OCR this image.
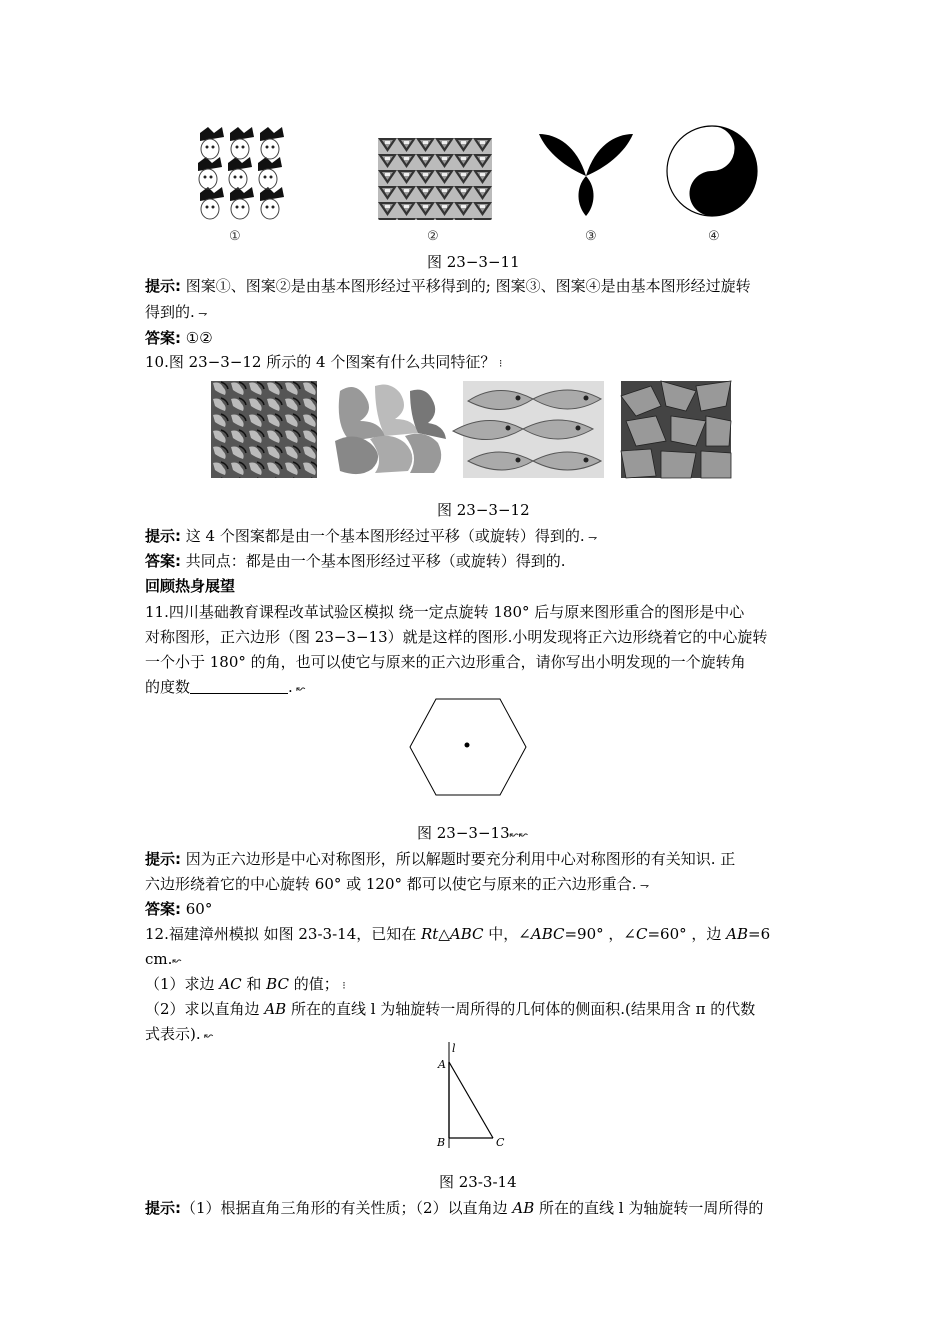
①	②	③	④
图 23−3−11
提示: 图案①、图案②是由基本图形经过平移得到的; 图案③、图案④是由基本图形经过旋转
得到的. ⇁
答案: ①②
10.图 23−3−12 所示的 4 个图案有什么共同特征？ ⁝
图 23−3−12
提示: 这 4 个图案都是由一个基本图形经过平移（或旋转）得到的. ⇁
答案: 共同点：都是由一个基本图形经过平移（或旋转）得到的.
回顾热身展望
11.四川基础教育课程改革试验区模拟 绕一定点旋转 180° 后与原来图形重合的图形是中心
对称图形，正六边形（图 23−3−13）就是这样的图形.小明发现将正六边形绕着它的中心旋转
一个小于 180° 的角，也可以使它与原来的正六边形重合，请你写出小明发现的一个旋转角
的度数	. ↜
图 23−3−13↜↜
提示: 因为正六边形是中心对称图形，所以解题时要充分利用中心对称图形的有关知识. 正
六边形绕着它的中心旋转 60° 或 120° 都可以使它与原来的正六边形重合. ⇁
答案: 60°
12.福建漳州模拟 如图 23-3-14，已知在 Rt△ABC 中，∠ABC=90° ，∠C=60° ，边 AB=6
cm.↜
（1）求边 AC 和 BC 的值； ⁝
（2）求以直角边 AB 所在的直线 l 为轴旋转一周所得的几何体的侧面积.(结果用含 π 的代数
式表示). ↜
l
A
B	C
图 23-3-14
提示:（1）根据直角三角形的有关性质；（2）以直角边 AB 所在的直线 l 为轴旋转一周所得的
